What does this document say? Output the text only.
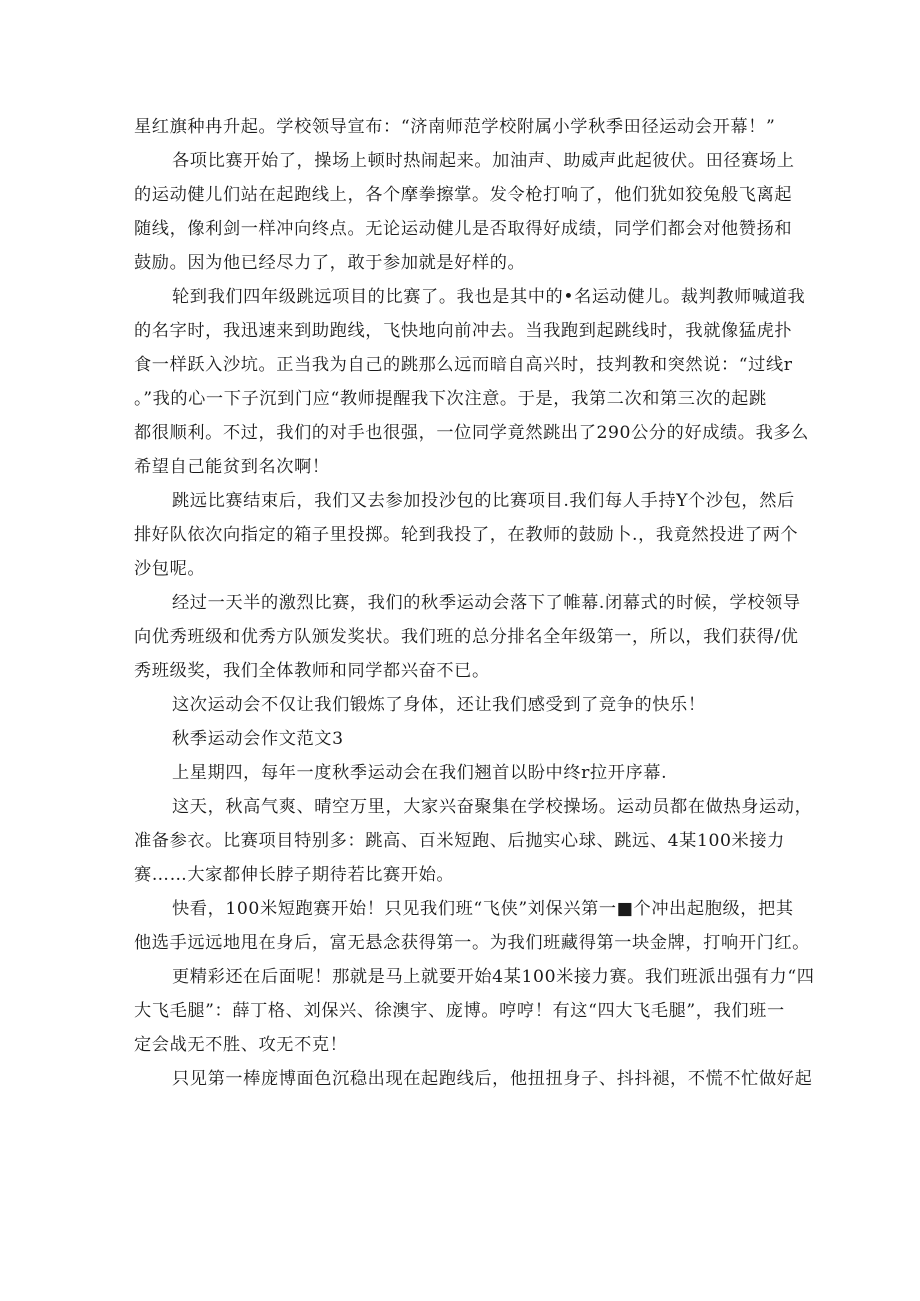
星红旗种冉升起。学校领导宣布：“济南师范学校附属小学秋季田径运动会开幕！”

各项比赛开始了，操场上顿时热闹起来。加油声、助威声此起彼伏。田径赛场上
的运动健儿们站在起跑线上，各个摩拳擦掌。发令枪打响了，他们犹如狡兔般飞离起
随线，像利剑一样冲向终点。无论运动健儿是否取得好成绩，同学们都会对他赞扬和
鼓励。因为他已经尽力了，敢于参加就是好样的。

轮到我们四年级跳远项目的比赛了。我也是其中的•名运动健儿。裁判教师喊道我
的名字时，我迅速来到助跑线，飞快地向前冲去。当我跑到起跳线时，我就像猛虎扑
食一样跃入沙坑。正当我为自己的跳那么远而暗自高兴时，技判教和突然说：“过线r
。”我的心一下子沉到门应“教师提醒我下次注意。于是，我第二次和第三次的起跳
都很顺利。不过，我们的对手也很强，一位同学竟然跳出了290公分的好成绩。我多么
希望自己能贫到名次啊！

跳远比赛结束后，我们又去参加投沙包的比赛项目.我们每人手持Y个沙包，然后
排好队依次向指定的箱子里投掷。轮到我投了，在教师的鼓励卜.，我竟然投进了两个
沙包呢。

经过一天半的激烈比赛，我们的秋季运动会落下了帷幕.闭幕式的时候，学校领导
向优秀班级和优秀方队颁发奖状。我们班的总分排名全年级第一，所以，我们获得/优
秀班级奖，我们全体教师和同学都兴奋不已。

这次运动会不仅让我们锻炼了身体，还让我们感受到了竞争的快乐！

秋季运动会作文范文3

上星期四，每年一度秋季运动会在我们翘首以盼中终r拉开序幕.

这天，秋高气爽、晴空万里，大家兴奋聚集在学校操场。运动员都在做热身运动，
准备参衣。比赛项目特别多：跳高、百米短跑、后抛实心球、跳远、4某100米接力
赛……大家都伸长脖子期待若比赛开始。

快看，100米短跑赛开始！只见我们班“飞侠”刘保兴第一■个冲出起胞级，把其
他选手远远地甩在身后，富无悬念获得第一。为我们班藏得第一块金牌，打响开门红。

更精彩还在后面呢！那就是马上就要开始4某100米接力赛。我们班派出强有力“四
大飞毛腿”：薛丁格、刘保兴、徐澳宇、庞博。哼哼！有这“四大飞毛腿”，我们班一
定会战无不胜、攻无不克！

只见第一棒庞博面色沉稳出现在起跑线后，他扭扭身子、抖抖褪，不慌不忙做好起
